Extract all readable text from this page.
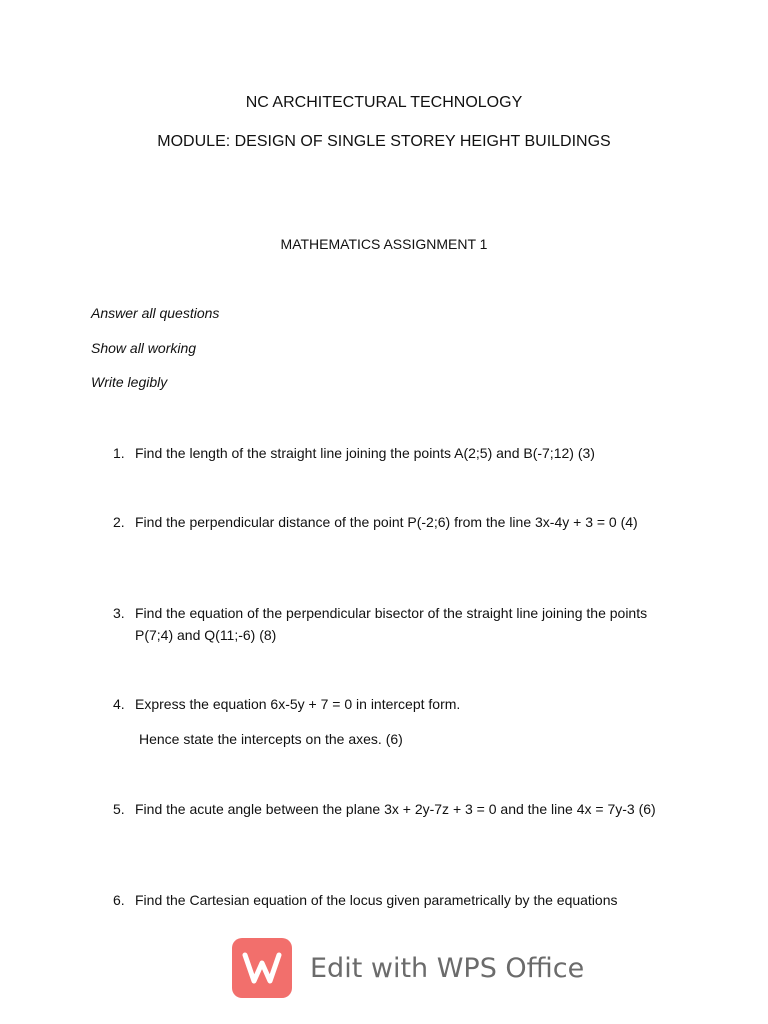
NC ARCHITECTURAL TECHNOLOGY
MODULE: DESIGN OF SINGLE STOREY HEIGHT BUILDINGS
MATHEMATICS ASSIGNMENT 1
Answer all questions
Show all working
Write legibly
1. Find the length of the straight line joining the points A(2;5) and B(-7;12) (3)
2. Find the perpendicular distance of the point P(-2;6) from the line 3x-4y + 3 = 0 (4)
3. Find the equation of the perpendicular bisector of the straight line joining the points P(7;4) and Q(11;-6) (8)
4. Express the equation 6x-5y + 7 = 0 in intercept form.
Hence state the intercepts on the axes. (6)
5. Find the acute angle between the plane 3x + 2y-7z + 3 = 0 and the line 4x = 7y-3 (6)
6. Find the Cartesian equation of the locus given parametrically by the equations
Edit with WPS Office
